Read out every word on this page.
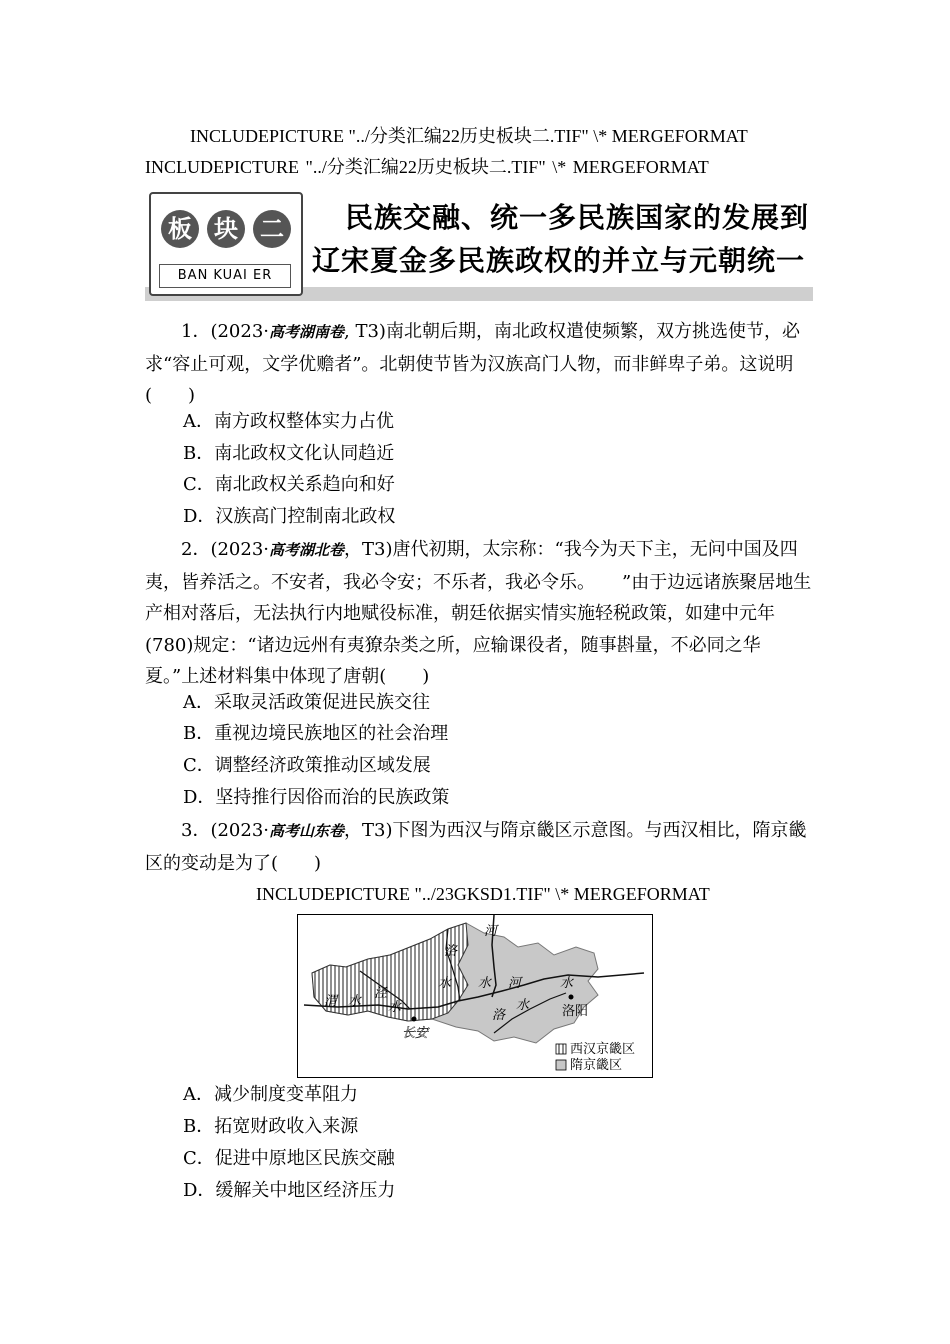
INCLUDEPICTURE "../分类汇编22历史板块二.TIF" \* MERGEFORMAT
INCLUDEPICTURE "../分类汇编22历史板块二.TIF" \* MERGEFORMAT
板 块 二
BAN KUAI ER
民族交融、统一多民族国家的发展到
辽宋夏金多民族政权的并立与元朝统一
1．(2023·高考湖南卷, T3)南北朝后期，南北政权遣使频繁，双方挑选使节，必求“容止可观，文学优赡者”。北朝使节皆为汉族高门人物，而非鲜卑子弟。这说明(　　)
A．南方政权整体实力占优
B．南北政权文化认同趋近
C．南北政权关系趋向和好
D．汉族高门控制南北政权
2．(2023·高考湖北卷，T3)唐代初期，太宗称：“我今为天下主，无问中国及四夷，皆养活之。不安者，我必令安；不乐者，我必令乐。　　”由于边远诸族聚居地生产相对落后，无法执行内地赋役标准，朝廷依据实情实施轻税政策，如建中元年(780)规定：“诸边远州有夷獠杂类之所，应输课役者，随事斟量，不必同之华夏。”上述材料集中体现了唐朝(　　)
A．采取灵活政策促进民族交往
B．重视边境民族地区的社会治理
C．调整经济政策推动区域发展
D．坚持推行因俗而治的民族政策
3．(2023·高考山东卷，T3)下图为西汉与隋京畿区示意图。与西汉相比，隋京畿区的变动是为了(　　)
INCLUDEPICTURE "../23GKSD1.TIF" \* MERGEFORMAT
河
洛
水
渭 水
泾
水
长安
水 河	水
洛
水	洛阳
西汉京畿区
隋京畿区
A．减少制度变革阻力
B．拓宽财政收入来源
C．促进中原地区民族交融
D．缓解关中地区经济压力
